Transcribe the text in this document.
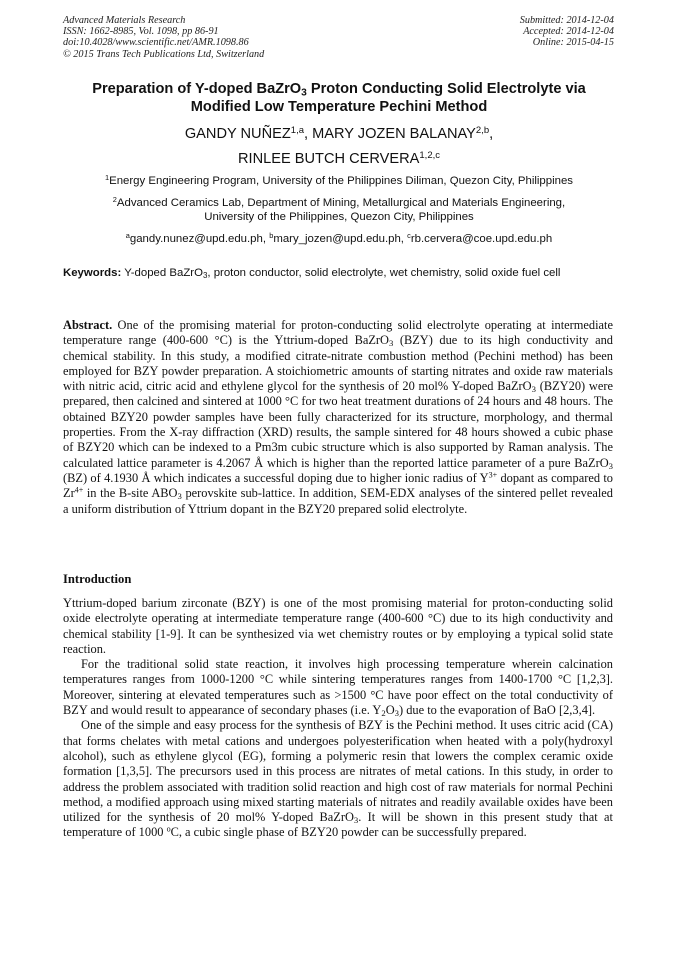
Advanced Materials Research
ISSN: 1662-8985, Vol. 1098, pp 86-91
doi:10.4028/www.scientific.net/AMR.1098.86
© 2015 Trans Tech Publications Ltd, Switzerland
Submitted: 2014-12-04
Accepted: 2014-12-04
Online: 2015-04-15
Preparation of Y-doped BaZrO$_3$ Proton Conducting Solid Electrolyte via
Modified Low Temperature Pechini Method
GANDY NUÑEZ$^{1,a}$, MARY JOZEN BALANAY$^{2,b}$,
RINLEE BUTCH CERVERA$^{1,2,c}$
$^1$Energy Engineering Program, University of the Philippines Diliman, Quezon City, Philippines
$^2$Advanced Ceramics Lab, Department of Mining, Metallurgical and Materials Engineering,
University of the Philippines, Quezon City, Philippines
$^a$gandy.nunez@upd.edu.ph, $^b$mary_jozen@upd.edu.ph, $^c$rb.cervera@coe.upd.edu.ph
Keywords: Y-doped BaZrO$_3$, proton conductor, solid electrolyte, wet chemistry, solid oxide fuel cell

Abstract. One of the promising material for proton-conducting solid electrolyte operating at intermediate temperature range (400-600 °C) is the Yttrium-doped BaZrO$_3$ (BZY) due to its high conductivity and chemical stability. In this study, a modified citrate-nitrate combustion method (Pechini method) has been employed for BZY powder preparation. A stoichiometric amounts of starting nitrates and oxide raw materials with nitric acid, citric acid and ethylene glycol for the synthesis of 20 mol% Y-doped BaZrO$_3$ (BZY20) were prepared, then calcined and sintered at 1000 °C for two heat treatment durations of 24 hours and 48 hours. The obtained BZY20 powder samples have been fully characterized for its structure, morphology, and thermal properties. From the X-ray diffraction (XRD) results, the sample sintered for 48 hours showed a cubic phase of BZY20 which can be indexed to a Pm3m cubic structure which is also supported by Raman analysis. The calculated lattice parameter is 4.2067 Å which is higher than the reported lattice parameter of a pure BaZrO$_3$ (BZ) of 4.1930 Å which indicates a successful doping due to higher ionic radius of $Y^{3+}$ dopant as compared to $Zr^{4+}$ in the B-site $ABO_3$ perovskite sub-lattice. In addition, SEM-EDX analyses of the sintered pellet revealed a uniform distribution of Yttrium dopant in the BZY20 prepared solid electrolyte.

Introduction

Yttrium-doped barium zirconate (BZY) is one of the most promising material for proton-conducting solid oxide electrolyte operating at intermediate temperature range (400-600 °C) due to its high conductivity and chemical stability [1-9]. It can be synthesized via wet chemistry routes or by employing a typical solid state reaction.

For the traditional solid state reaction, it involves high processing temperature wherein calcination temperatures ranges from 1000-1200 °C while sintering temperatures ranges from 1400-1700 °C [1,2,3]. Moreover, sintering at elevated temperatures such as >1500 °C have poor effect on the total conductivity of BZY and would result to appearance of secondary phases (i.e. $Y_2O_3$) due to the evaporation of BaO [2,3,4].

One of the simple and easy process for the synthesis of BZY is the Pechini method. It uses citric acid (CA) that forms chelates with metal cations and undergoes polyesterification when heated with a poly(hydroxyl alcohol), such as ethylene glycol (EG), forming a polymeric resin that lowers the complex ceramic oxide formation [1,3,5]. The precursors used in this process are nitrates of metal cations. In this study, in order to address the problem associated with tradition solid reaction and high cost of raw materials for normal Pechini method, a modified approach using mixed starting materials of nitrates and readily available oxides have been utilized for the synthesis of 20 mol% Y-doped BaZrO$_3$. It will be shown in this present study that at temperature of 1000 $^o$C, a cubic single phase of BZY20 powder can be successfully prepared.
